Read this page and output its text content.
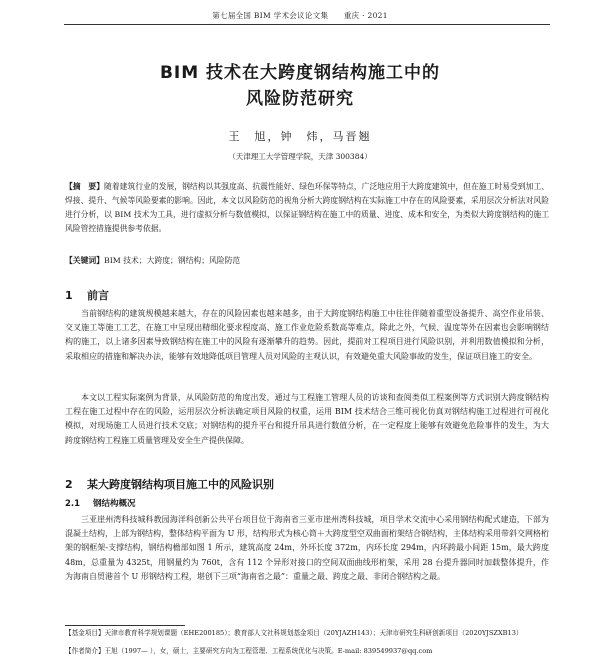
第七届全国 BIM 学术会议论文集　　重庆 · 2021
BIM 技术在大跨度钢结构施工中的
风险防范研究
王　旭，钟　炜，马晋翘
（天津理工大学管理学院，天津 300384）
【摘　要】随着建筑行业的发展，钢结构以其强度高、抗震性能好、绿色环保等特点，广泛地应用于大跨度建筑中，但在施工时易受到加工、焊接、提升、气候等风险要素的影响。因此，本文以风险防范的视角分析大跨度钢结构在实际施工中存在的风险要素，采用层次分析法对风险进行分析，以 BIM 技术为工具，进行虚拟分析与数值模拟，以保证钢结构在施工中的质量、进度、成本和安全，为类似大跨度钢结构的施工风险管控措施提供参考依据。
【关键词】BIM 技术；大跨度；钢结构；风险防范
1 前言
当前钢结构的建筑规模越来越大，存在的风险因素也越来越多，由于大跨度钢结构施工中往往伴随着重型设备提升、高空作业吊装、交叉施工等施工工艺，在施工中呈现出精细化要求程度高、施工作业危险系数高等难点，除此之外，气候、温度等外在因素也会影响钢结构的施工，以上诸多因素导致钢结构在施工中的风险有逐渐攀升的趋势。因此，提前对工程项目进行风险识别，并利用数值模拟和分析，采取相应的措施和解决办法，能够有效地降低项目管理人员对风险的主观认识，有效避免重大风险事故的发生，保证项目施工的安全。
本文以工程实际案例为背景，从风险防范的角度出发，通过与工程施工管理人员的访谈和查阅类似工程案例等方式识别大跨度钢结构工程在施工过程中存在的风险，运用层次分析法确定项目风险的权重，运用 BIM 技术结合三维可视化仿真对钢结构施工过程进行可视化模拟，对现场施工人员进行技术交底；对钢结构的提升平台和提升吊具进行数值分析，在一定程度上能够有效避免危险事件的发生，为大跨度钢结构工程施工质量管理及安全生产提供保障。
2 某大跨度钢结构项目施工中的风险识别
2.1 钢结构概况
三亚崖州湾科技城科教园海洋科创新公共平台项目位于海南省三亚市崖州湾科技城，项目学术交流中心采用钢结构配式建造，下部为混凝土结构，上部为钢结构，整体结构平面为 U 形，结构形式为核心筒＋大跨度型空双曲面桁架结合钢结构，主体结构采用带斜交网格桁架的钢框架-支撑结构，钢结构檐部如图 1 所示，建筑高度 24m，外环长度 372m，内环长度 294m，内环跨最小间距 15m，最大跨度 48m，总重量为 4325t，用钢量约为 760t，含有 112 个异形对接口的空间双面曲线形桁架，采用 28 台提升器同时加载整体提升，作为海南自贸港首个 U 形钢结构工程，堪创下三项“海南省之最”：重量之最、跨度之最、非闭合钢结构之最。
【基金项目】天津市教育科学规划课题（EHE200185）；教育部人文社科规划基金项目（20YJAZH143）；天津市研究生科研创新项目（2020YJSZXB13）
【作者简介】王旭（1997— ），女，硕士，主要研究方向为工程管理、工程系统优化与决策。E-mail: 839549937@qq.com
